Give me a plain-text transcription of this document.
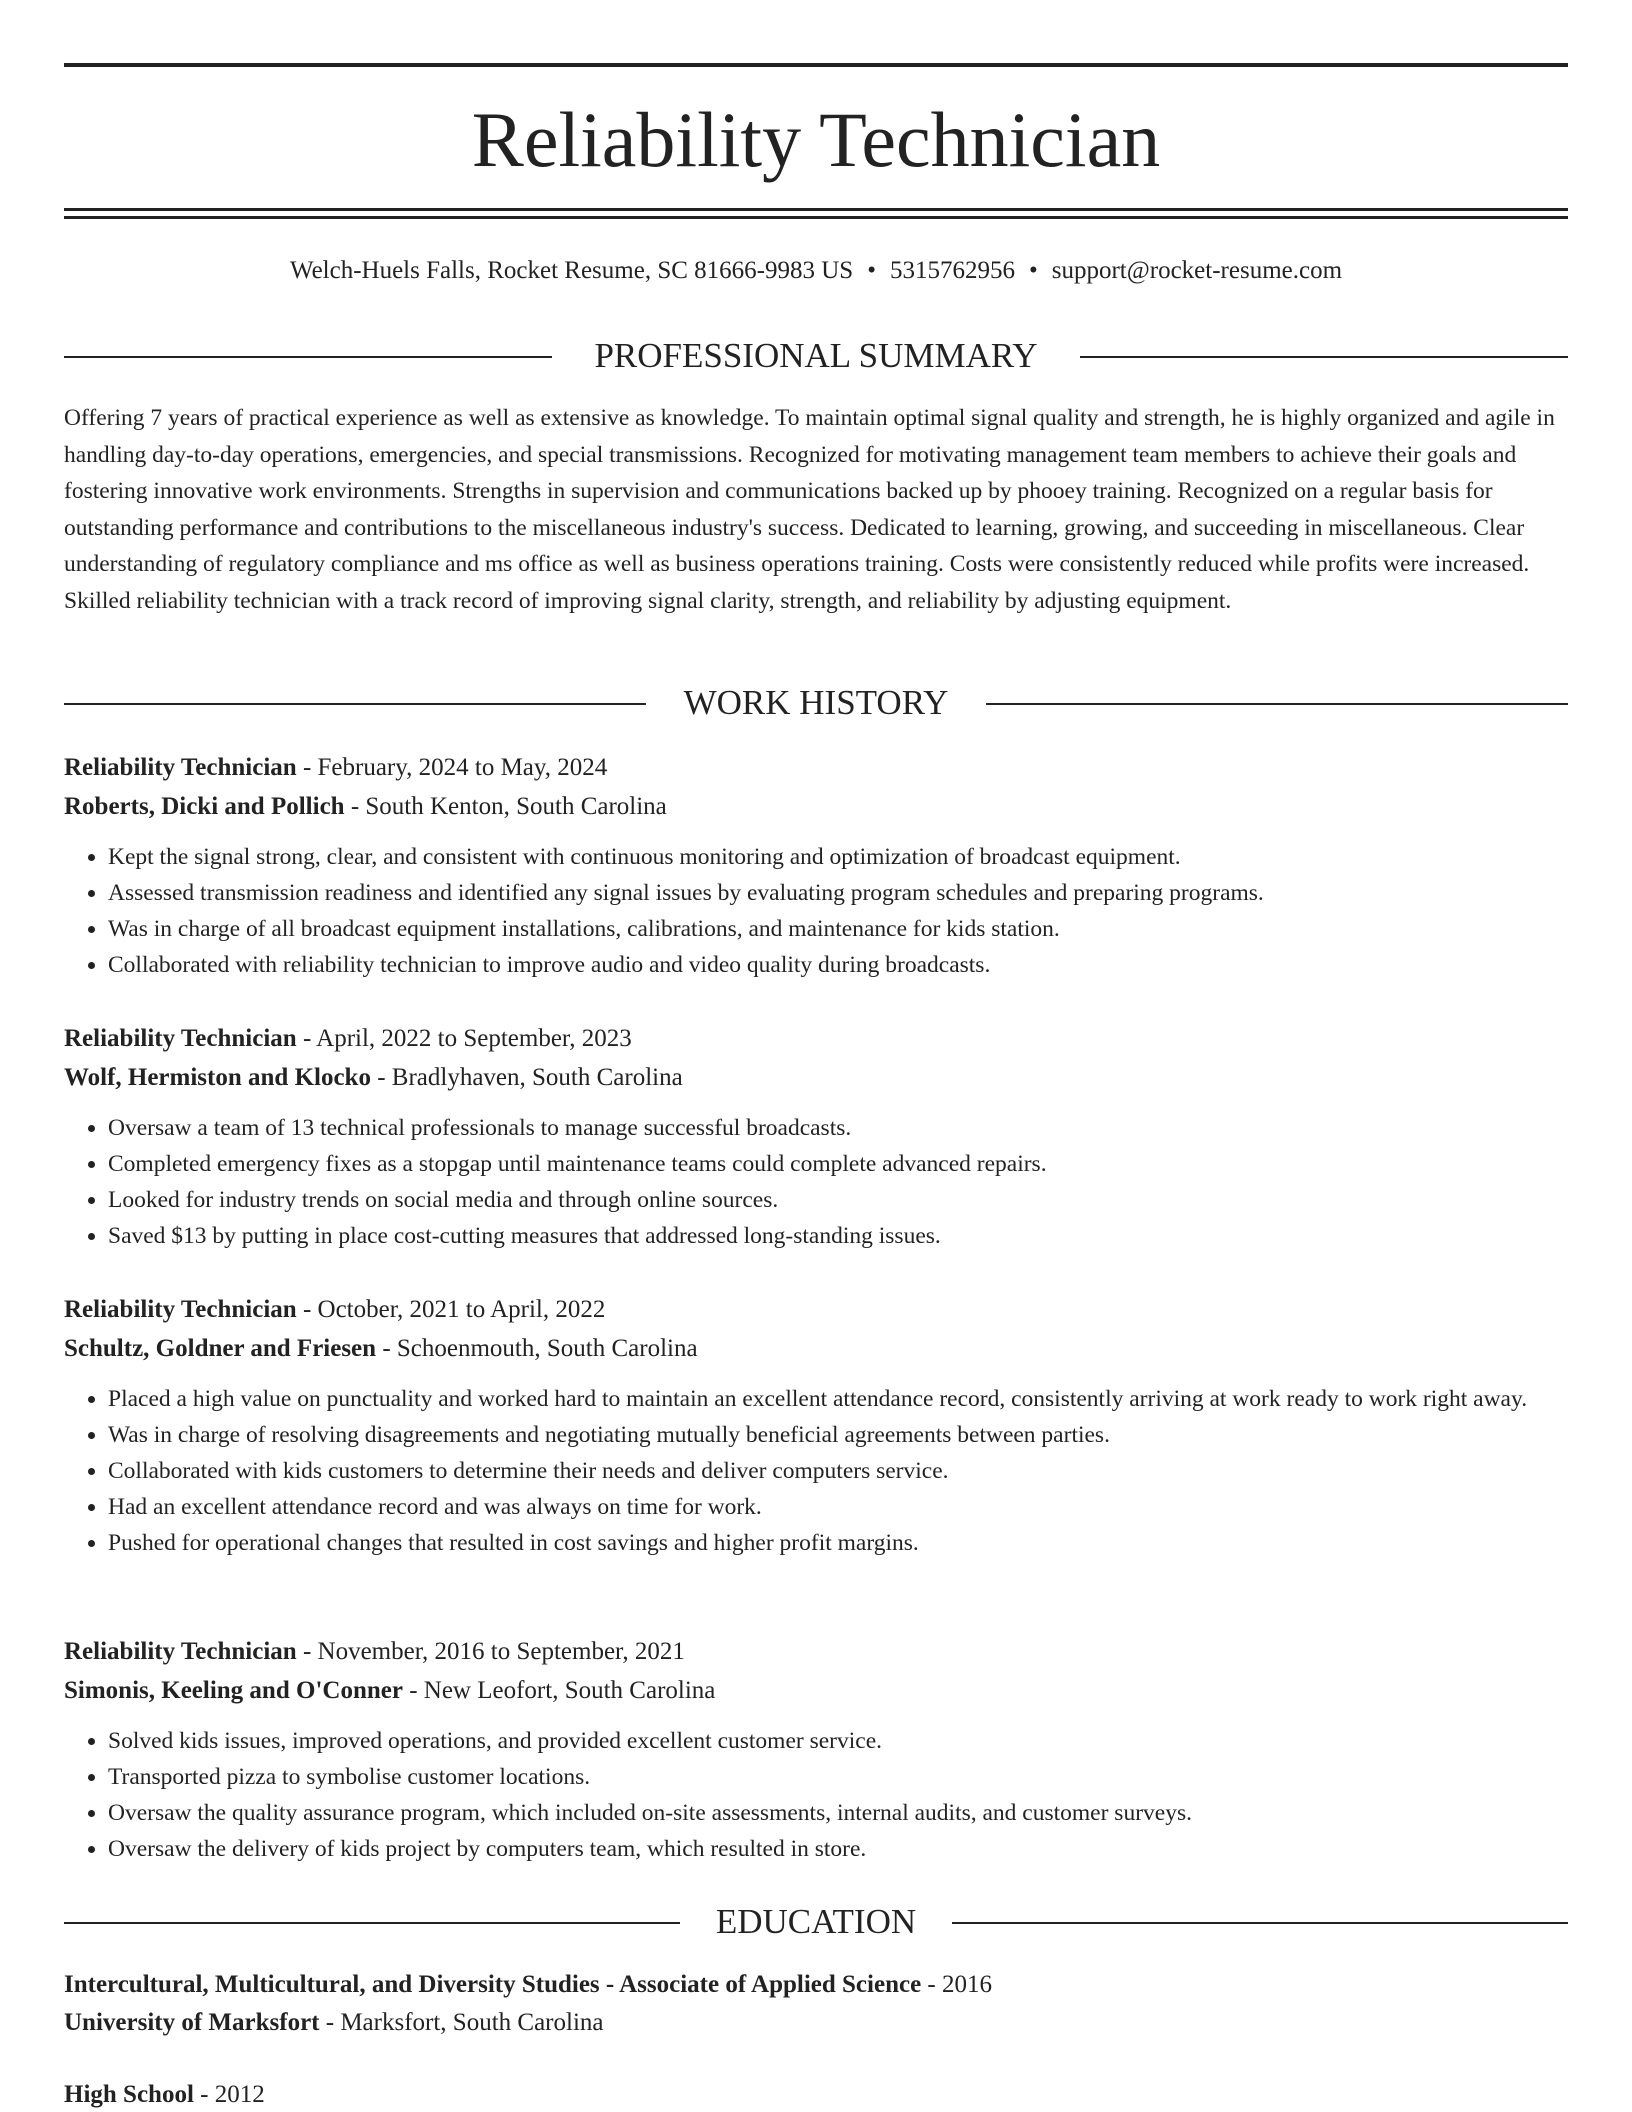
Reliability Technician
Welch-Huels Falls, Rocket Resume, SC 81666-9983 US • 5315762956 • support@rocket-resume.com
PROFESSIONAL SUMMARY

Offering 7 years of practical experience as well as extensive as knowledge. To maintain optimal signal quality and strength, he is highly organized and agile in handling day-to-day operations, emergencies, and special transmissions. Recognized for motivating management team members to achieve their goals and fostering innovative work environments. Strengths in supervision and communications backed up by phooey training. Recognized on a regular basis for outstanding performance and contributions to the miscellaneous industry's success. Dedicated to learning, growing, and succeeding in miscellaneous. Clear understanding of regulatory compliance and ms office as well as business operations training. Costs were consistently reduced while profits were increased. Skilled reliability technician with a track record of improving signal clarity, strength, and reliability by adjusting equipment.

WORK HISTORY
Reliability Technician - February, 2024 to May, 2024
Roberts, Dicki and Pollich - South Kenton, South Carolina
• Kept the signal strong, clear, and consistent with continuous monitoring and optimization of broadcast equipment.
• Assessed transmission readiness and identified any signal issues by evaluating program schedules and preparing programs.
• Was in charge of all broadcast equipment installations, calibrations, and maintenance for kids station.
• Collaborated with reliability technician to improve audio and video quality during broadcasts.
Reliability Technician - April, 2022 to September, 2023
Wolf, Hermiston and Klocko - Bradlyhaven, South Carolina
• Oversaw a team of 13 technical professionals to manage successful broadcasts.
• Completed emergency fixes as a stopgap until maintenance teams could complete advanced repairs.
• Looked for industry trends on social media and through online sources.
• Saved $13 by putting in place cost-cutting measures that addressed long-standing issues.
Reliability Technician - October, 2021 to April, 2022
Schultz, Goldner and Friesen - Schoenmouth, South Carolina
• Placed a high value on punctuality and worked hard to maintain an excellent attendance record, consistently arriving at work ready to work right away.
• Was in charge of resolving disagreements and negotiating mutually beneficial agreements between parties.
• Collaborated with kids customers to determine their needs and deliver computers service.
• Had an excellent attendance record and was always on time for work.
• Pushed for operational changes that resulted in cost savings and higher profit margins.
Reliability Technician - November, 2016 to September, 2021
Simonis, Keeling and O'Conner - New Leofort, South Carolina
• Solved kids issues, improved operations, and provided excellent customer service.
• Transported pizza to symbolise customer locations.
• Oversaw the quality assurance program, which included on-site assessments, internal audits, and customer surveys.
• Oversaw the delivery of kids project by computers team, which resulted in store.
EDUCATION
Intercultural, Multicultural, and Diversity Studies - Associate of Applied Science - 2016
University of Marksfort - Marksfort, South Carolina
High School - 2012
